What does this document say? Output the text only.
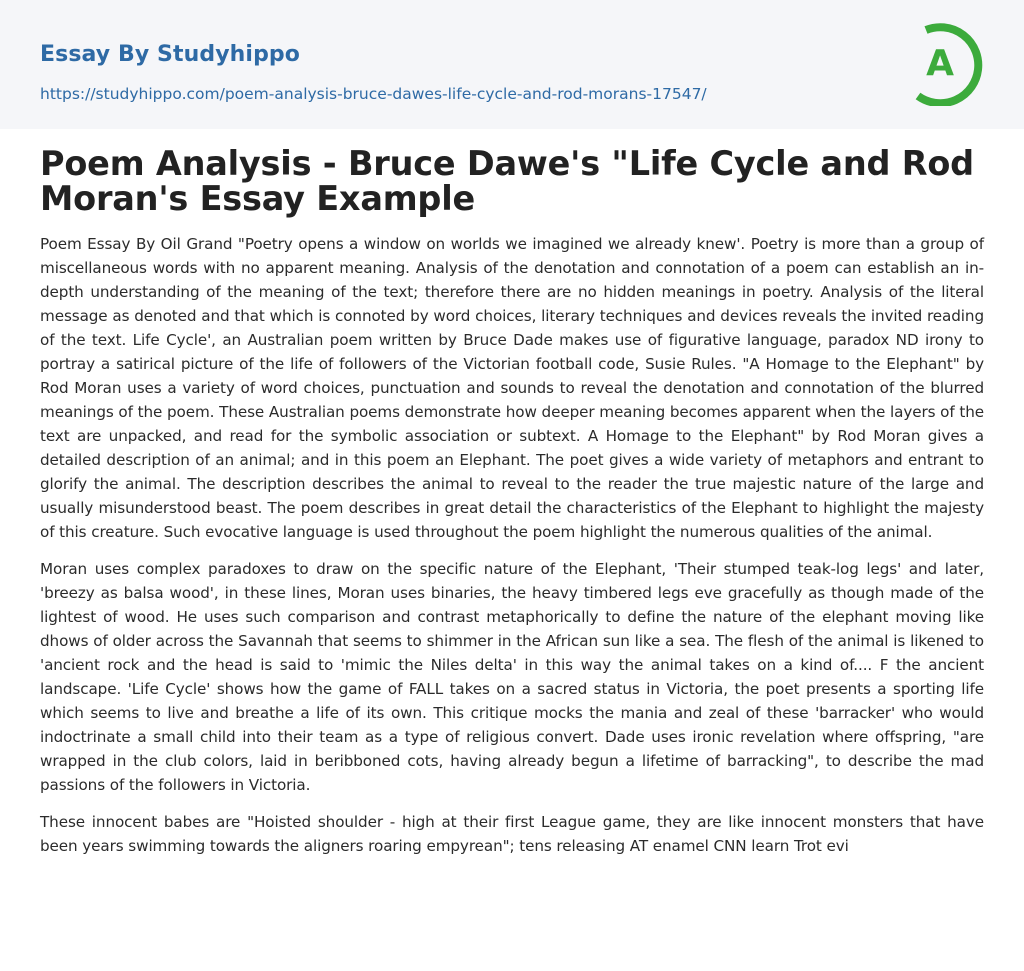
Essay By Studyhippo
https://studyhippo.com/poem-analysis-bruce-dawes-life-cycle-and-rod-morans-17547/
A
Poem Analysis - Bruce Dawe's "Life Cycle and Rod Moran's Essay Example

Poem Essay By Oil Grand "Poetry opens a window on worlds we imagined we already knew'. Poetry is more than a group of miscellaneous words with no apparent meaning. Analysis of the denotation and connotation of a poem can establish an in-depth understanding of the meaning of the text; therefore there are no hidden meanings in poetry. Analysis of the literal message as denoted and that which is connoted by word choices, literary techniques and devices reveals the invited reading of the text. Life Cycle', an Australian poem written by Bruce Dade makes use of figurative language, paradox ND irony to portray a satirical picture of the life of followers of the Victorian football code, Susie Rules. "A Homage to the Elephant" by Rod Moran uses a variety of word choices, punctuation and sounds to reveal the denotation and connotation of the blurred meanings of the poem. These Australian poems demonstrate how deeper meaning becomes apparent when the layers of the text are unpacked, and read for the symbolic association or subtext. A Homage to the Elephant" by Rod Moran gives a detailed description of an animal; and in this poem an Elephant. The poet gives a wide variety of metaphors and entrant to glorify the animal. The description describes the animal to reveal to the reader the true majestic nature of the large and usually misunderstood beast. The poem describes in great detail the characteristics of the Elephant to highlight the majesty of this creature. Such evocative language is used throughout the poem highlight the numerous qualities of the animal.

Moran uses complex paradoxes to draw on the specific nature of the Elephant, 'Their stumped teak-log legs' and later, 'breezy as balsa wood', in these lines, Moran uses binaries, the heavy timbered legs eve gracefully as though made of the lightest of wood. He uses such comparison and contrast metaphorically to define the nature of the elephant moving like dhows of older across the Savannah that seems to shimmer in the African sun like a sea. The flesh of the animal is likened to 'ancient rock and the head is said to 'mimic the Niles delta' in this way the animal takes on a kind of.... F the ancient landscape. 'Life Cycle' shows how the game of FALL takes on a sacred status in Victoria, the poet presents a sporting life which seems to live and breathe a life of its own. This critique mocks the mania and zeal of these 'barracker' who would indoctrinate a small child into their team as a type of religious convert. Dade uses ironic revelation where offspring, "are wrapped in the club colors, laid in beribboned cots, having already begun a lifetime of barracking", to describe the mad passions of the followers in Victoria.

These innocent babes are "Hoisted shoulder - high at their first League game, they are like innocent monsters that have been years swimming towards the aligners roaring empyrean"; tens releasing AT enamel CNN learn Trot evi
